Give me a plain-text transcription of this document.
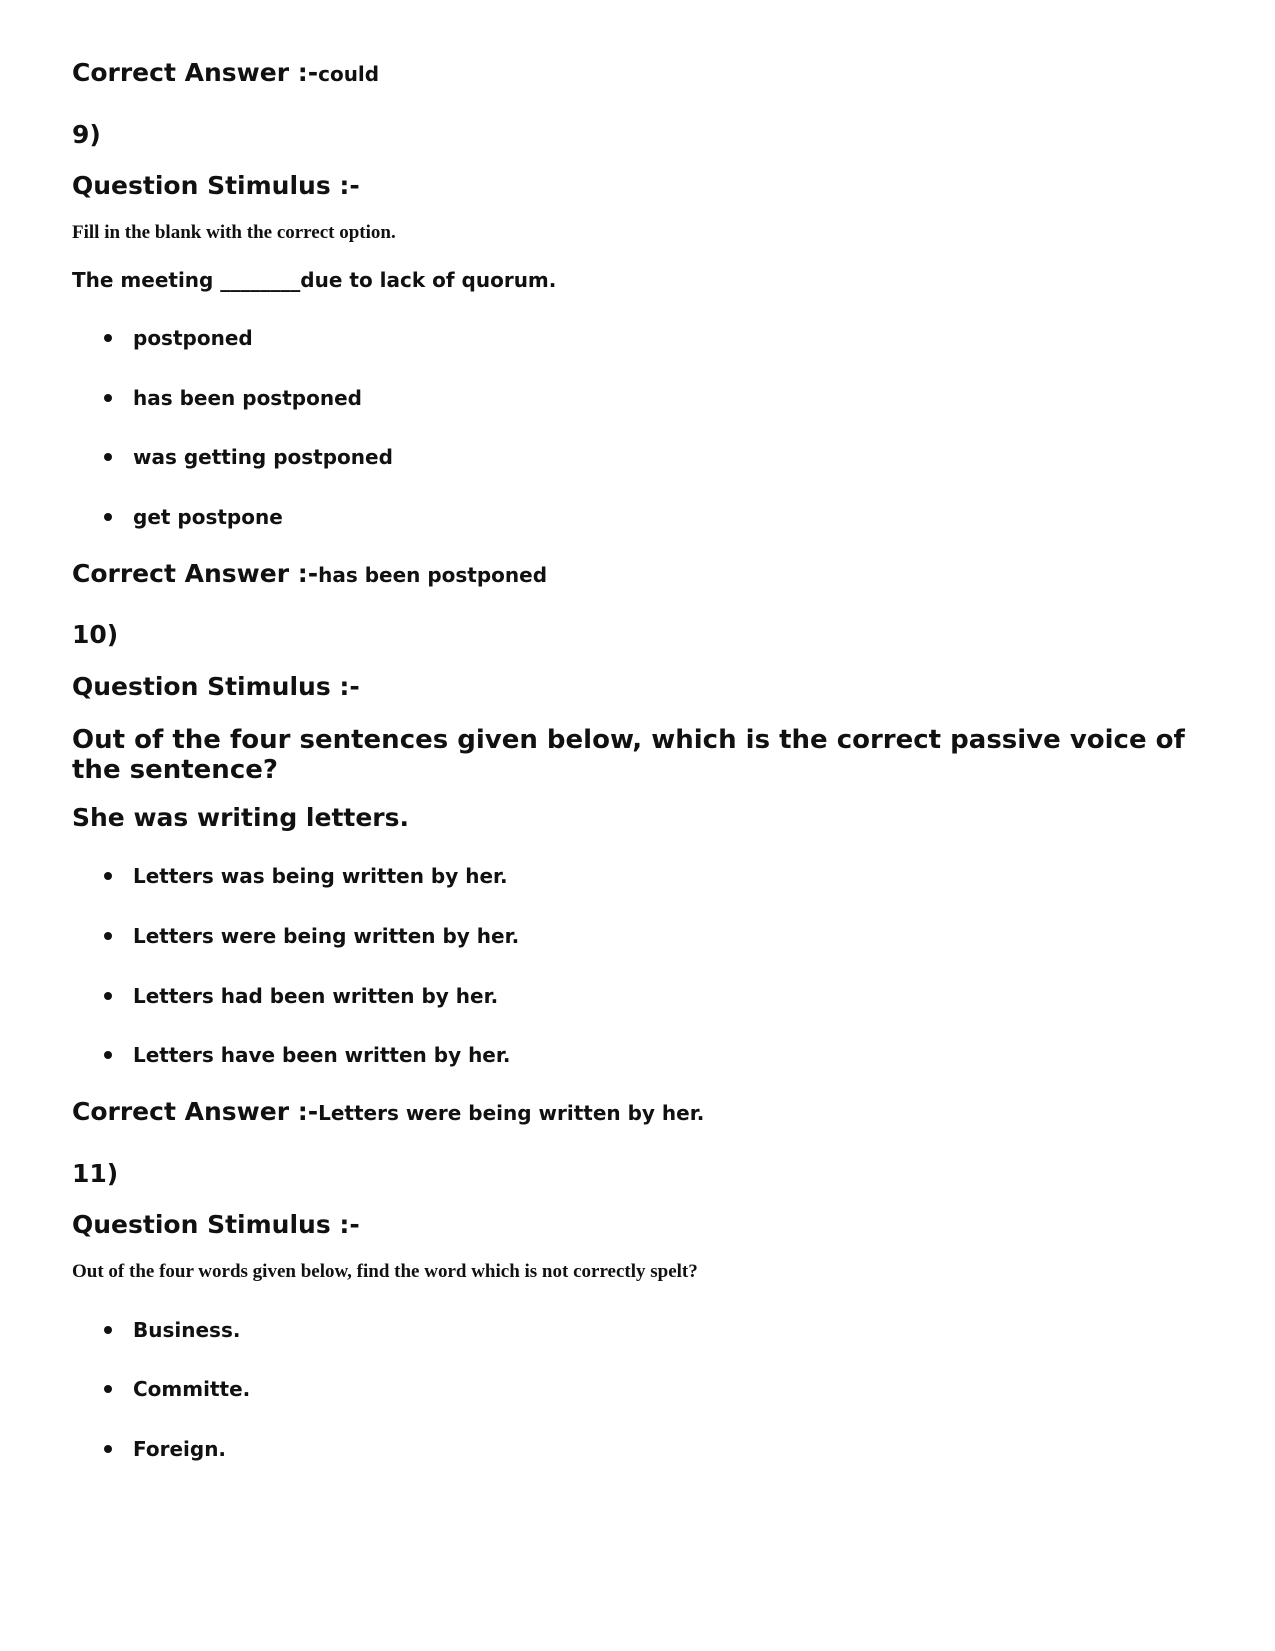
Correct Answer :-could

9)

Question Stimulus :-

Fill in the blank with the correct option.

The meeting ________due to lack of quorum.

postponed
has been postponed
was getting postponed
get postpone

Correct Answer :-has been postponed

10)

Question Stimulus :-

Out of the four sentences given below, which is the correct passive voice of the sentence?

She was writing letters.

Letters was being written by her.
Letters were being written by her.
Letters had been written by her.
Letters have been written by her.

Correct Answer :-Letters were being written by her.

11)

Question Stimulus :-

Out of the four words given below, find the word which is not correctly spelt?

Business.
Committe.
Foreign.
